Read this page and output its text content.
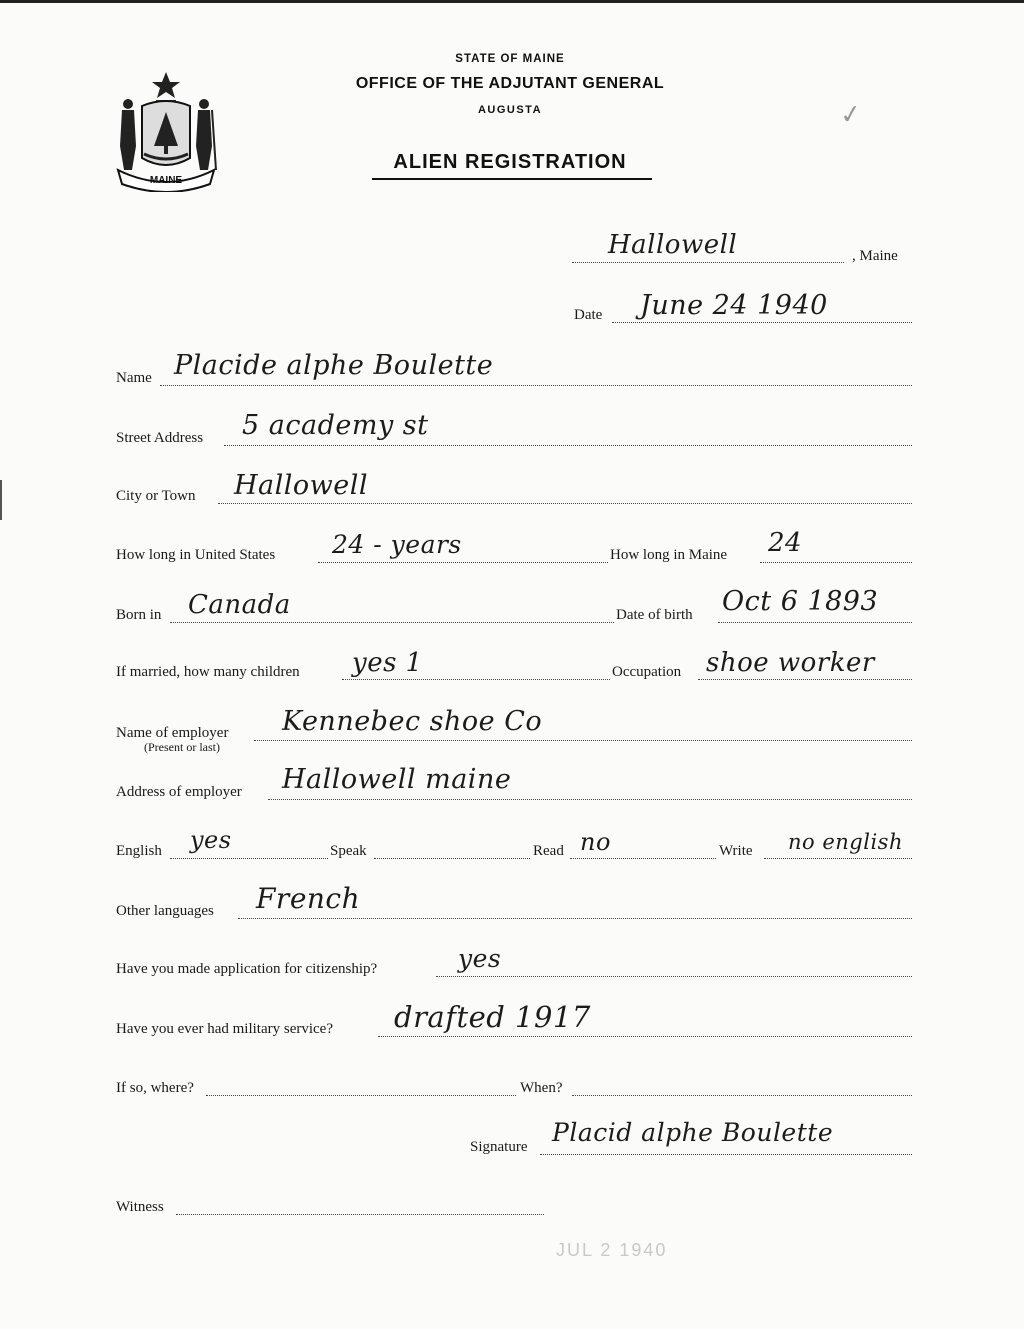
MAINE
STATE OF MAINE
OFFICE OF THE ADJUTANT GENERAL
AUGUSTA
ALIEN REGISTRATION
✓
Hallowell	, Maine
Date June 24 1940
Name Placide alphe Boulette
Street Address 5 academy st
City or Town Hallowell
How long in United States 24 - years	How long in Maine 24
Born in Canada	Date of birth Oct 6 1893
If married, how many children yes 1	Occupation shoe worker
Name of employer
(Present or last)
Kennebec shoe Co
Address of employer Hallowell maine
English yes	Speak	Read no	Write no english
Other languages French
Have you made application for citizenship?	yes
Have you ever had military service? drafted 1917
If so, where?	When?
Signature Placid alphe Boulette
Witness
JUL 2 1940
